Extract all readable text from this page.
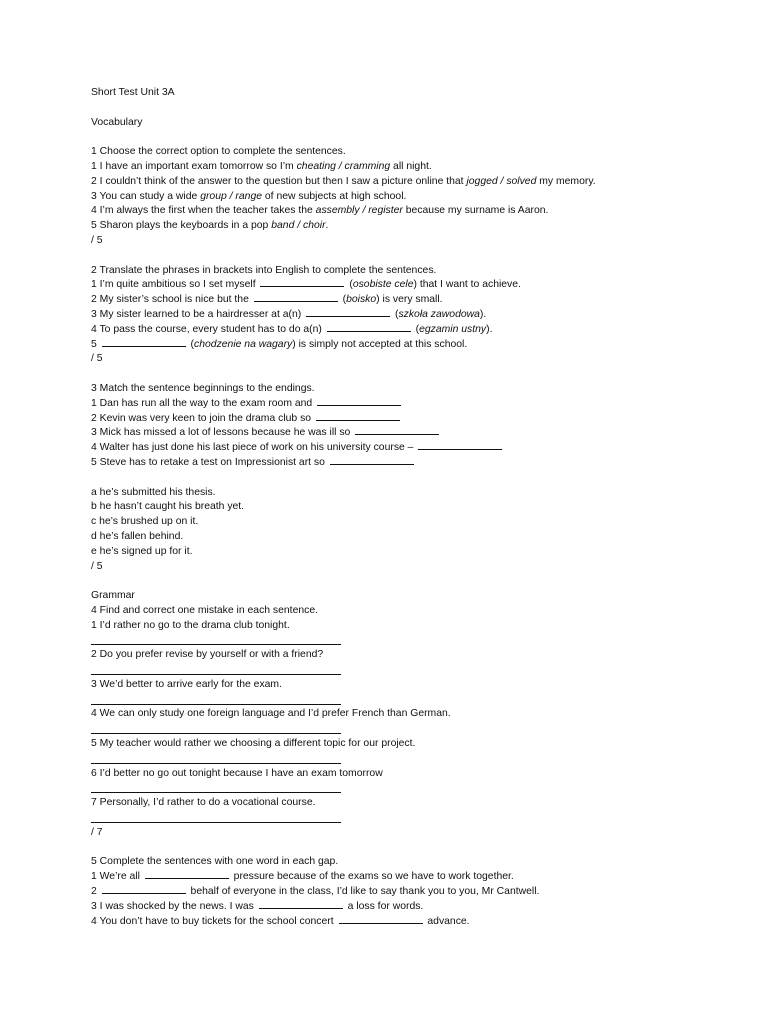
Short Test Unit 3A
Vocabulary
1 Choose the correct option to complete the sentences.
1 I have an important exam tomorrow so I’m cheating / cramming all night.
2 I couldn’t think of the answer to the question but then I saw a picture online that jogged / solved my memory.
3 You can study a wide group / range of new subjects at high school.
4 I’m always the first when the teacher takes the assembly / register because my surname is Aaron.
5 Sharon plays the keyboards in a pop band / choir.
/ 5
2 Translate the phrases in brackets into English to complete the sentences.
1 I’m quite ambitious so I set myself	(osobiste cele) that I want to achieve.
2 My sister’s school is nice but the	(boisko) is very small.
3 My sister learned to be a hairdresser at a(n)	(szkoła zawodowa).
4 To pass the course, every student has to do a(n)	(egzamin ustny).
5	(chodzenie na wagary) is simply not accepted at this school.
/ 5
3 Match the sentence beginnings to the endings.
1 Dan has run all the way to the exam room and
2 Kevin was very keen to join the drama club so
3 Mick has missed a lot of lessons because he was ill so
4 Walter has just done his last piece of work on his university course –
5 Steve has to retake a test on Impressionist art so
a he’s submitted his thesis.
b he hasn’t caught his breath yet.
c he’s brushed up on it.
d he’s fallen behind.
e he’s signed up for it.
/ 5
Grammar
4 Find and correct one mistake in each sentence.
1 I’d rather no go to the drama club tonight.
2 Do you prefer revise by yourself or with a friend?
3 We’d better to arrive early for the exam.
4 We can only study one foreign language and I’d prefer French than German.
5 My teacher would rather we choosing a different topic for our project.
6 I’d better no go out tonight because I have an exam tomorrow
7 Personally, I’d rather to do a vocational course.
/ 7
5 Complete the sentences with one word in each gap.
1 We’re all	pressure because of the exams so we have to work together.
2	behalf of everyone in the class, I’d like to say thank you to you, Mr Cantwell.
3 I was shocked by the news. I was	a loss for words.
4 You don’t have to buy tickets for the school concert	advance.
